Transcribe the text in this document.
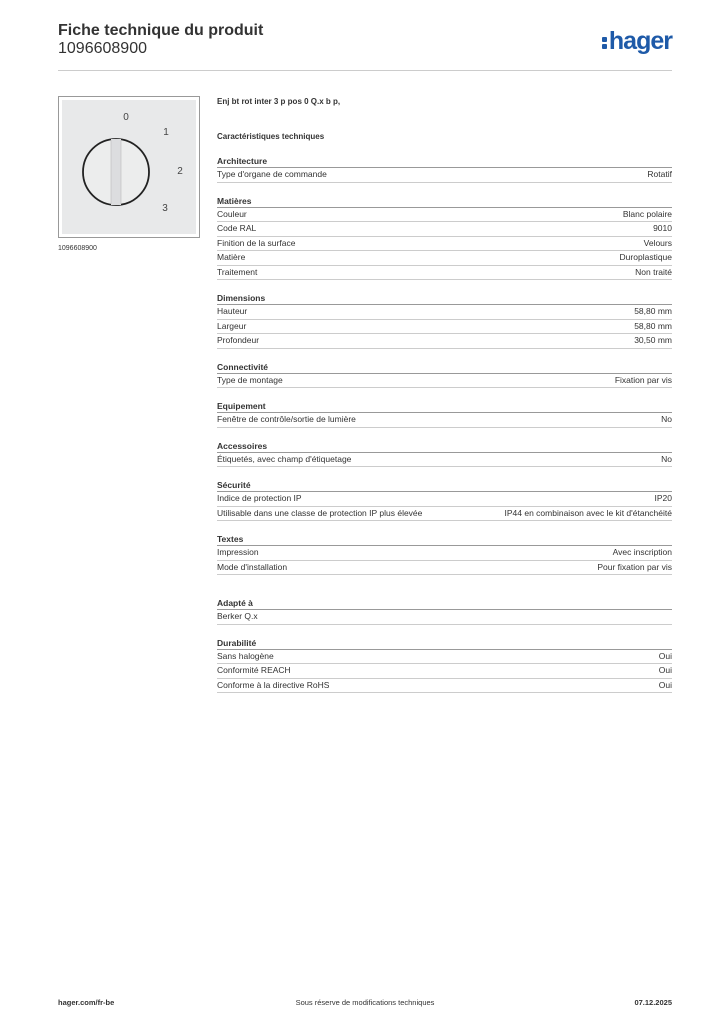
Fiche technique du produit
1096608900	hager
0
1
2
3
1096608900
Enj bt rot inter 3 p pos 0 Q.x b p,
Caractéristiques techniques
Architecture
Type d'organe de commande	Rotatif
Matières
Couleur	Blanc polaire
Code RAL	9010
Finition de la surface	Velours
Matière	Duroplastique
Traitement	Non traité
Dimensions
Hauteur	58,80 mm
Largeur	58,80 mm
Profondeur	30,50 mm
Connectivité
Type de montage	Fixation par vis
Equipement
Fenêtre de contrôle/sortie de lumière	No
Accessoires
Étiquetés, avec champ d'étiquetage	No
Sécurité
Indice de protection IP	IP20
Utilisable dans une classe de protection IP plus élevée	IP44 en combinaison avec le kit d'étanchéité
Textes
Impression	Avec inscription
Mode d'installation	Pour fixation par vis
Adapté à
Berker Q.x
Durabilité
Sans halogène	Oui
Conformité REACH	Oui
Conforme à la directive RoHS	Oui
Sous réserve de modifications techniques
hager.com/fr-be	07.12.2025
